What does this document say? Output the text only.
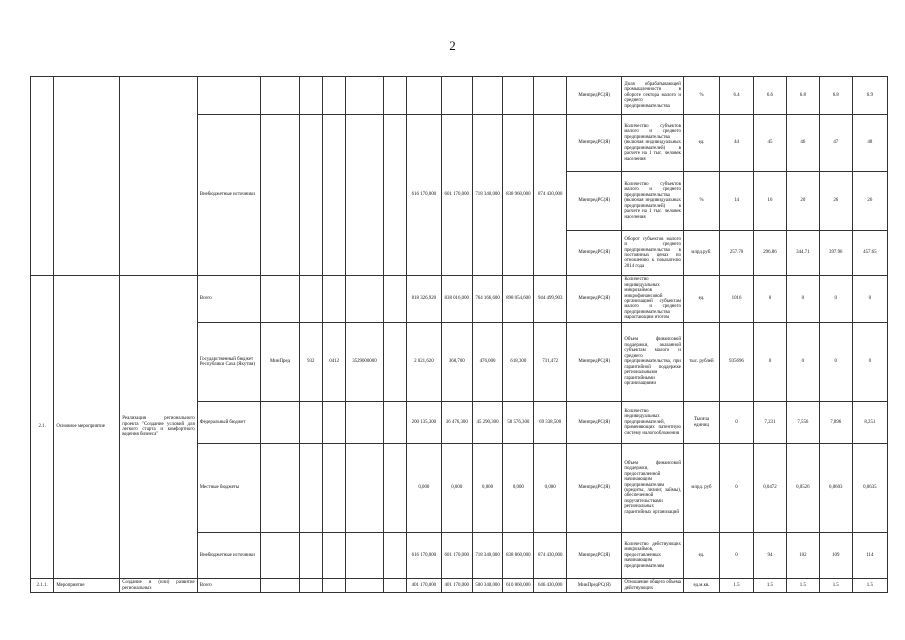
2
														МинпредРС(Я)	Доля обрабатывающей промышленности в обороте сектора малого и среднего предпринимательства	%	6.4	6.6	6.8	6.8	6.9
			Внебюджетные источники						616 170,000	601 170,000	718 340,000	838 960,000	874 430,000	МинпредРС(Я)	Количество субъектов малого и среднего предпринимательства (включая индивидуальных предпринимателей) в расчете на 1 тыс. человек населения	ед.	44	45	46	47	48
														МинпредРС(Я)	Количество субъектов малого и среднего предпринимательства (включая индивидуальных предпринимателей) в расчете на 1 тыс. человек населения	%	14	16	20	26	26
														МинпредРС(Я)	Оборот субъектов малого и среднего предпринимательства в постоянных ценах по отношению к показателю 2014 года	млрд.руб.	257.70	296.86	344.71	397.96	457.65
2.1.	Основное мероприятие	Реализация регионального проекта "Создание условий для легкого старта и комфортного ведения бизнеса"	Всего						818 326,920	838 016,000	764 166,600	898 054,600	944 499,903	МинпредРС(Я)	Количество индивидуальных микрозаймов микрофинансовой организацией субъектам малого и среднего предпринимательства нарастающим итогом	ед.	1016	0	0	0	0
			Государственный бюджет Республики Саха (Якутия)	МинПред	932	0412	3529000000		2 021,620	368,700	476,000	618,300	731,472	МинпредРС(Я)	Объем финансовой поддержки, оказанной субъектам малого и среднего предпринимательства, при гарантийной поддержке региональными гарантийными организациями	тыс. рублей	935696	0	0	0	0
			Федеральный бюджет						200 135,300	36 476,300	45 290,300	58 576,300	69 338,500	МинпредРС(Я)	Количество индивидуальных предпринимателей, применяющих патентную систему налогообложения	Тысяча единиц	0	7,231	7,556	7,896	8,251
			Местные бюджеты						0,000	0,000	0,000	0,000	0,000	МинпредРС(Я)	Объем финансовой поддержки, предоставленной начинающим предпринимателям (кредиты, лизинг, займы), обеспеченной поручительствами региональных гарантийных организаций	млрд. руб	0	0,0472	0,0526	0,0603	0,0635
			Внебюджетные источники						616 170,000	601 170,000	718 340,000	838 860,000	874 430,000	МинпредРС(Я)	Количество действующих микрозаймов, предоставленных начинающим предпринимателям	ед.	0	94	102	109	114
2.1.1.	Мероприятие	Создание и (или) развитие региональных	Всего						401 170,000	401 170,000	500 340,000	610 860,000	646 430,000	МинПредРС(Я)	Отношение общего объема действующих	ед.м.кв.	1.5	1.5	1.5	1.5	1.5
